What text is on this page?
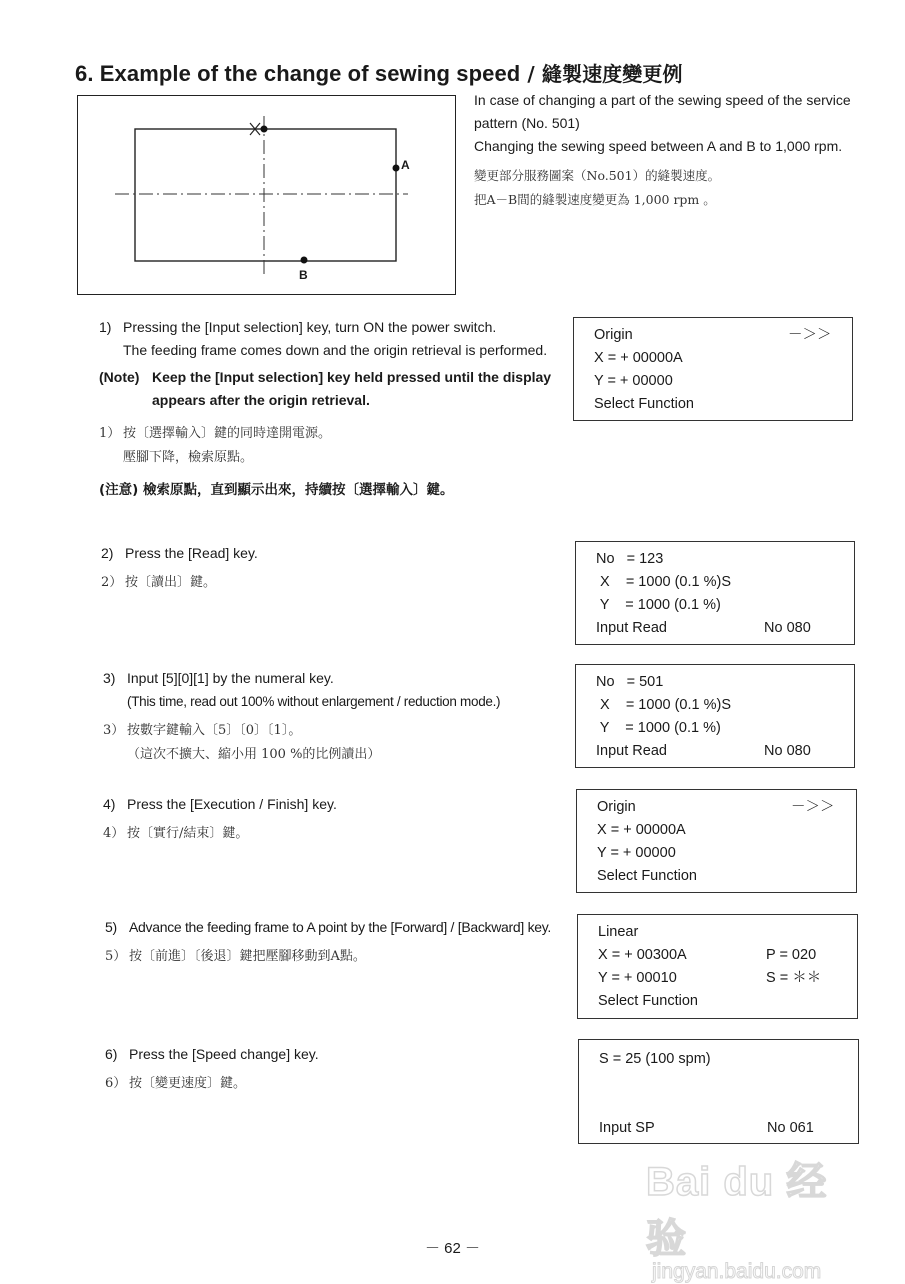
6. Example of the change of sewing speed / 縫製速度變更例
A
B
In case of changing a part of the sewing speed of the service pattern (No. 501)
Changing the sewing speed between A and B to 1,000 rpm.
變更部分服務圖案（No.501）的縫製速度。
把A－B間的縫製速度變更為 1,000 rpm 。
1) Pressing the [Input selection] key, turn ON the power switch.
The feeding frame comes down and the origin retrieval is performed.
(Note) Keep the [Input selection] key held pressed until the display appears after the origin retrieval.
1） 按〔選擇輸入〕鍵的同時達開電源。
壓腳下降，檢索原點。
(注意) 檢索原點，直到顯示出來，持續按〔選擇輸入〕鍵。
Origin	－＞＞
X = + 00000A
Y = + 00000
Select Function
2) Press the [Read] key.
2） 按〔讀出〕鍵。
No   = 123
X    = 1000 (0.1 %)S
Y    = 1000 (0.1 %)
Input Read	No 080
3) Input [5][0][1] by the numeral key.
(This time, read out 100% without enlargement / reduction mode.)
3） 按數字鍵輸入〔5〕〔0〕〔1〕。
（這次不擴大、縮小用 100 %的比例讀出）
No   = 501
X    = 1000 (0.1 %)S
Y    = 1000 (0.1 %)
Input Read	No 080
4) Press the [Execution / Finish] key.
4） 按〔實行/結束〕鍵。
Origin	－＞＞
X = + 00000A
Y = + 00000
Select Function
5) Advance the feeding frame to A point by the [Forward] / [Backward] key.
5） 按〔前進〕〔後退〕鍵把壓腳移動到A點。
Linear
X = + 00300A	P = 020
Y = + 00010	S = ＊＊
Select Function
6) Press the [Speed change] key.
6） 按〔變更速度〕鍵。
S = 25 (100 spm)
Input SP	No 061
Bai du 经验
jingyan.baidu.com
－ 62 －
